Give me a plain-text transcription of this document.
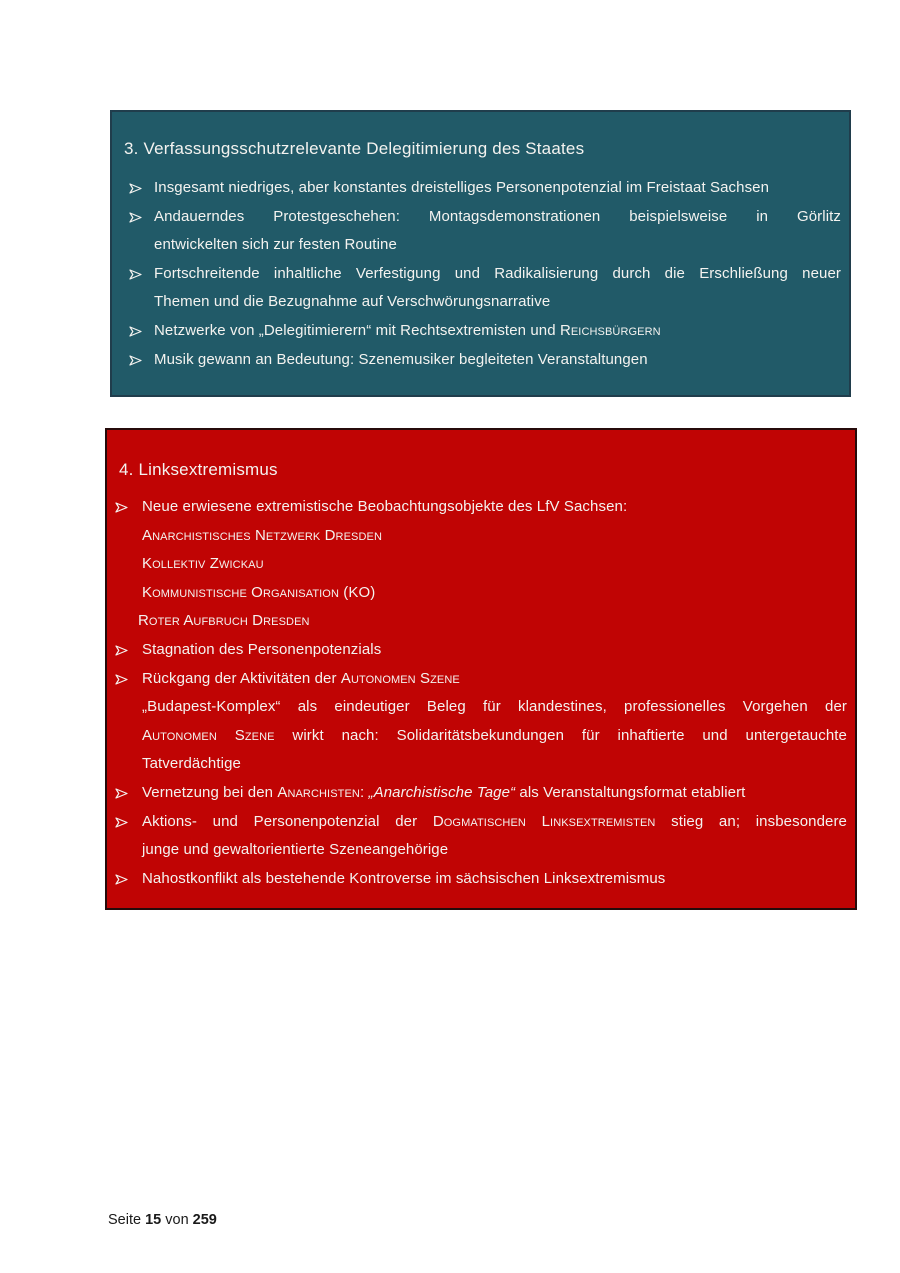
3. Verfassungsschutzrelevante Delegitimierung des Staates
Insgesamt niedriges, aber konstantes dreistelliges Personenpotenzial im Freistaat Sachsen
Andauerndes Protestgeschehen: Montagsdemonstrationen beispielsweise in Görlitz
entwickelten sich zur festen Routine
Fortschreitende inhaltliche Verfestigung und Radikalisierung durch die Erschließung neuer
Themen und die Bezugnahme auf Verschwörungsnarrative
Netzwerke von „Delegitimierern“ mit Rechtsextremisten und Reichsbürgern
Musik gewann an Bedeutung: Szenemusiker begleiteten Veranstaltungen
4. Linksextremismus
Neue erwiesene extremistische Beobachtungsobjekte des LfV Sachsen:
Anarchistisches Netzwerk Dresden
Kollektiv Zwickau
Kommunistische Organisation (KO)
Roter Aufbruch Dresden
Stagnation des Personenpotenzials
Rückgang der Aktivitäten der Autonomen Szene
„Budapest-Komplex“ als eindeutiger Beleg für klandestines, professionelles Vorgehen der
Autonomen Szene wirkt nach: Solidaritätsbekundungen für inhaftierte und untergetauchte
Tatverdächtige
Vernetzung bei den Anarchisten: „Anarchistische Tage“ als Veranstaltungsformat etabliert
Aktions- und Personenpotenzial der Dogmatischen Linksextremisten stieg an; insbesondere
junge und gewaltorientierte Szeneangehörige
Nahostkonflikt als bestehende Kontroverse im sächsischen Linksextremismus
Seite 15 von 259
